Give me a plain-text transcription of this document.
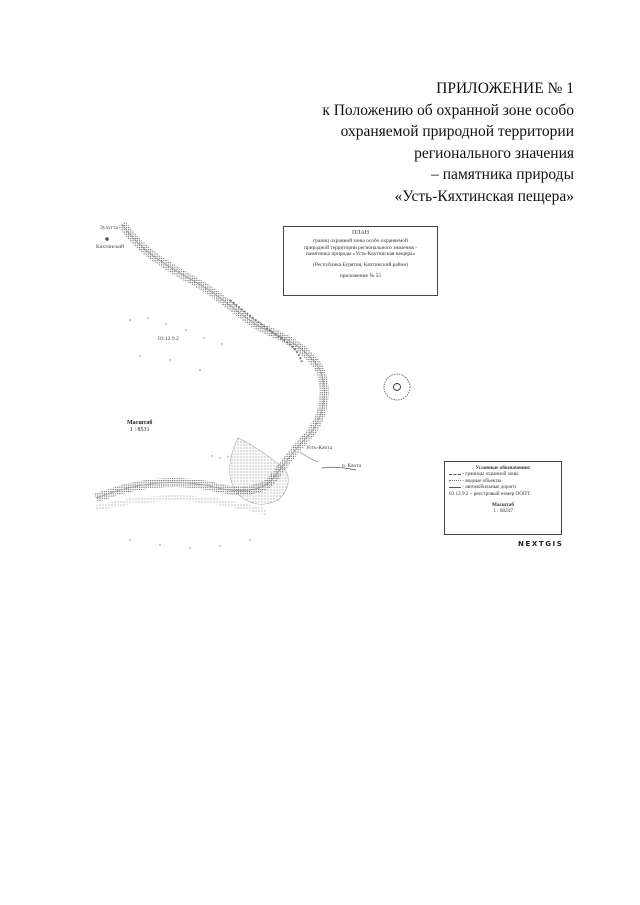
ПРИЛОЖЕНИЕ № 1
к Положению об охранной зоне особо
охраняемой природной территории
регионального значения
– памятника природы
«Усть-Кяхтинская пещера»
Зулугта
Кяхтинский
03:12.9.2
Усть-Кяхта
р. Кяхта
ПЛАН
границ охранной зоны особо охраняемой
природной территории регионального значения -
памятника природы «Усть-Кяхтинская пещера»
(Республика Бурятия, Кяхтинский район)
приложение № 55
Масштаб
1 : 8531
Условные обозначения:
- границы охранной зоны
- водные объекты
- автомобильные дороги
03.12.9.2 – реестровый номер ООПТ
Масштаб
1 : 68247
NEXTGIS
